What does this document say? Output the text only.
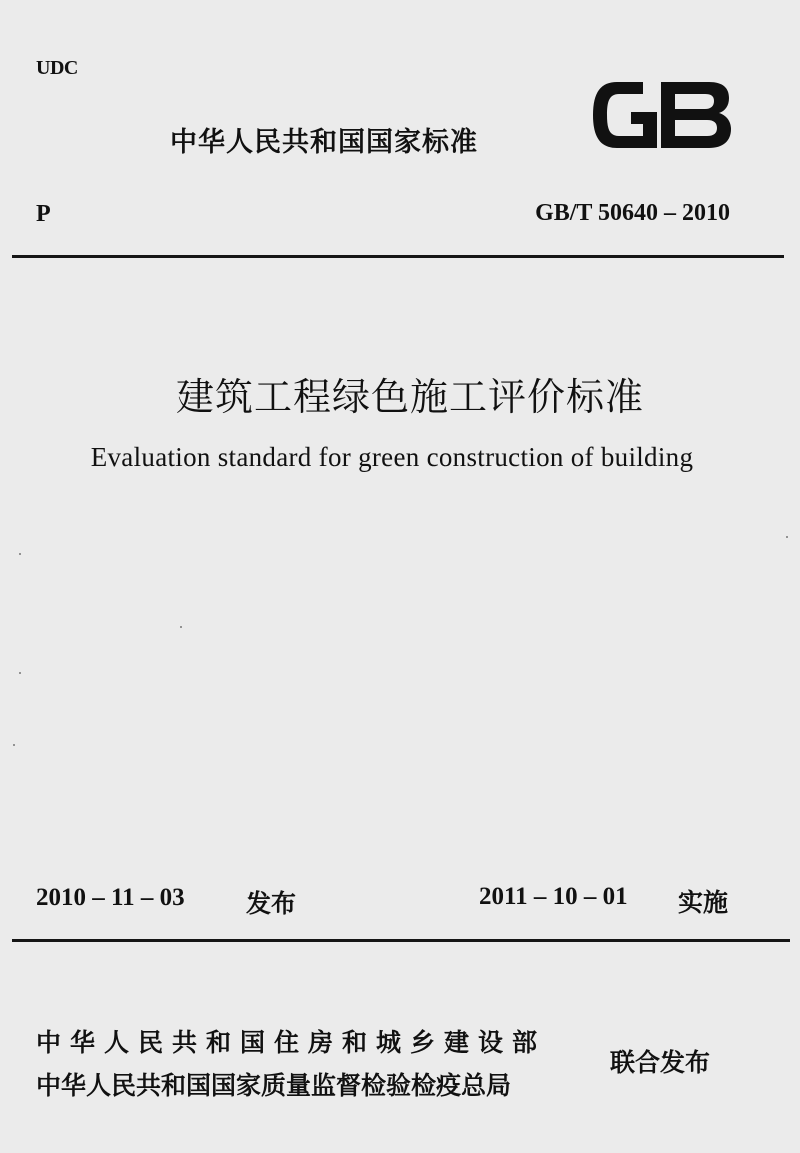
UDC
中华人民共和国国家标准
P	GB/T 50640 – 2010
建筑工程绿色施工评价标准
Evaluation standard for green construction of building
2010 – 11 – 03 发布	2011 – 10 – 01 实施
中华人民共和国住房和城乡建设部
中华人民共和国国家质量监督检验检疫总局
联合发布
